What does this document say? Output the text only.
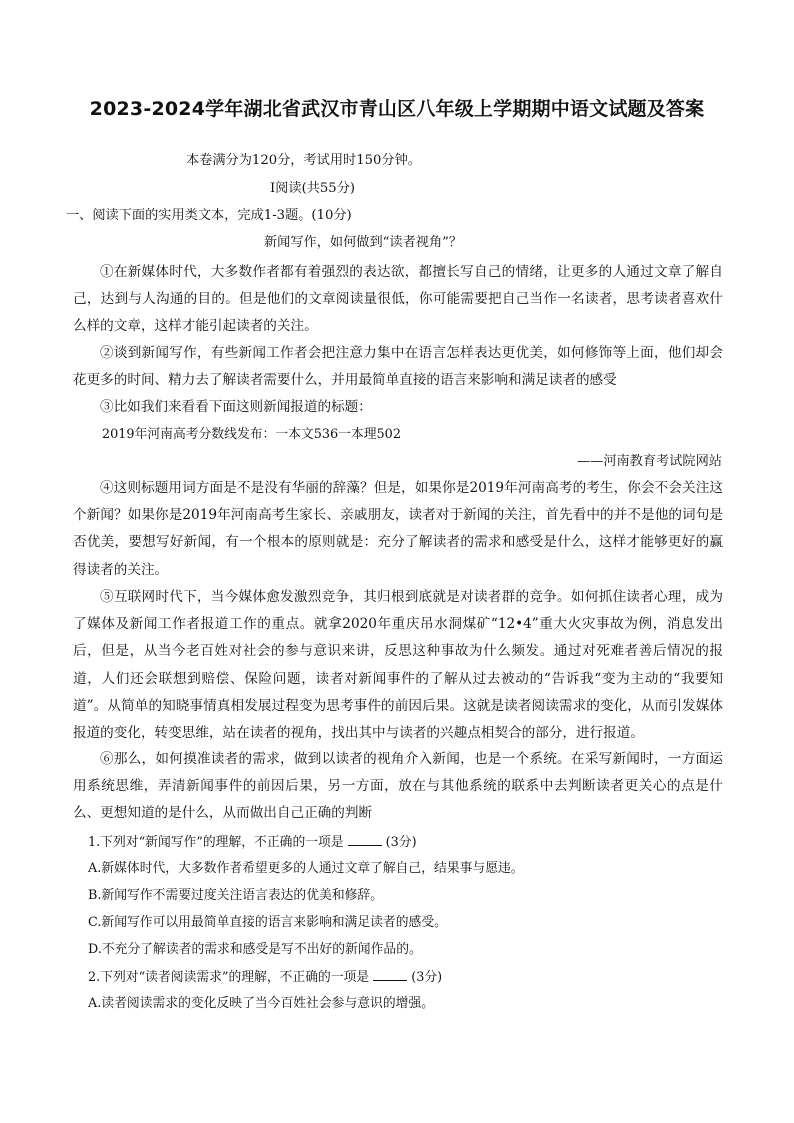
2023-2024学年湖北省武汉市青山区八年级上学期期中语文试题及答案
本卷满分为120分，考试用时150分钟。
I阅读(共55分)
一、阅读下面的实用类文本，完成1-3题。(10分)
新闻写作，如何做到“读者视角”？

①在新媒体时代，大多数作者都有着强烈的表达欲，都擅长写自己的情绪，让更多的人通过文章了解自己，达到与人沟通的目的。但是他们的文章阅读量很低，你可能需要把自己当作一名读者，思考读者喜欢什么样的文章，这样才能引起读者的关注。

②谈到新闻写作，有些新闻工作者会把注意力集中在语言怎样表达更优美，如何修饰等上面，他们却会花更多的时间、精力去了解读者需要什么，并用最简单直接的语言来影响和满足读者的感受

③比如我们来看看下面这则新闻报道的标题：

2019年河南高考分数线发布：一本文536一本理502
——河南教育考试院网站

④这则标题用词方面是不是没有华丽的辞藻？但是，如果你是2019年河南高考的考生，你会不会关注这个新闻？如果你是2019年河南高考生家长、亲戚朋友，读者对于新闻的关注，首先看中的并不是他的词句是否优美，要想写好新闻，有一个根本的原则就是：充分了解读者的需求和感受是什么，这样才能够更好的赢得读者的关注。

⑤互联网时代下，当今媒体愈发激烈竞争，其归根到底就是对读者群的竞争。如何抓住读者心理，成为了媒体及新闻工作者报道工作的重点。就拿2020年重庆吊水洞煤矿“12•4”重大火灾事故为例，消息发出后，但是，从当今老百姓对社会的参与意识来讲，反思这种事故为什么频发。通过对死难者善后情况的报道，人们还会联想到赔偿、保险问题，读者对新闻事件的了解从过去被动的“告诉我“变为主动的“我要知道”。从简单的知晓事情真相发展过程变为思考事件的前因后果。这就是读者阅读需求的变化，从而引发媒体报道的变化，转变思维，站在读者的视角，找出其中与读者的兴趣点相契合的部分，进行报道。

⑥那么，如何摸准读者的需求，做到以读者的视角介入新闻，也是一个系统。在采写新闻时，一方面运用系统思维，弄清新闻事件的前因后果，另一方面，放在与其他系统的联系中去判断读者更关心的点是什么、更想知道的是什么，从而做出自己正确的判断

1.下列对“新闻写作”的理解，不正确的一项是	(3分)
A.新媒体时代，大多数作者希望更多的人通过文章了解自己，结果事与愿违。
B.新闻写作不需要过度关注语言表达的优美和修辞。
C.新闻写作可以用最简单直接的语言来影响和满足读者的感受。
D.不充分了解读者的需求和感受是写不出好的新闻作品的。
2.下列对“读者阅读需求”的理解，不正确的一项是	(3分)
A.读者阅读需求的变化反映了当今百姓社会参与意识的增强。
